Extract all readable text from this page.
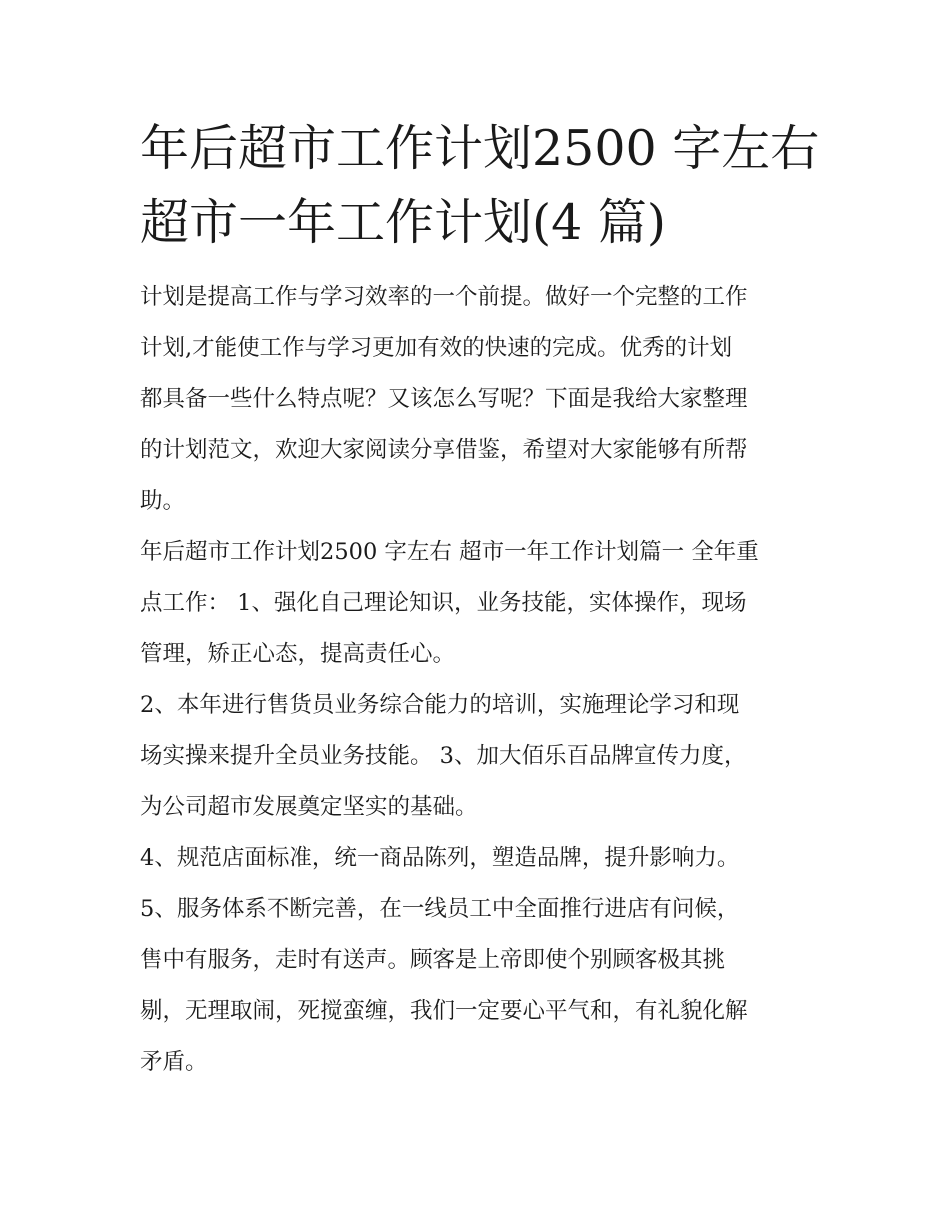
年后超市工作计划2500 字左右
超市一年工作计划(4 篇)

计划是提高工作与学习效率的一个前提。做好一个完整的工作
计划,才能使工作与学习更加有效的快速的完成。优秀的计划
都具备一些什么特点呢？又该怎么写呢？下面是我给大家整理
的计划范文，欢迎大家阅读分享借鉴，希望对大家能够有所帮
助。

年后超市工作计划2500 字左右 超市一年工作计划篇一 全年重
点工作： 1、强化自己理论知识，业务技能，实体操作，现场
管理，矫正心态，提高责任心。

2、本年进行售货员业务综合能力的培训，实施理论学习和现
场实操来提升全员业务技能。 3、加大佰乐百品牌宣传力度，
为公司超市发展奠定坚实的基础。

4、规范店面标准，统一商品陈列，塑造品牌，提升影响力。

5、服务体系不断完善，在一线员工中全面推行进店有问候，
售中有服务，走时有送声。顾客是上帝即使个别顾客极其挑
剔，无理取闹，死搅蛮缠，我们一定要心平气和，有礼貌化解
矛盾。
